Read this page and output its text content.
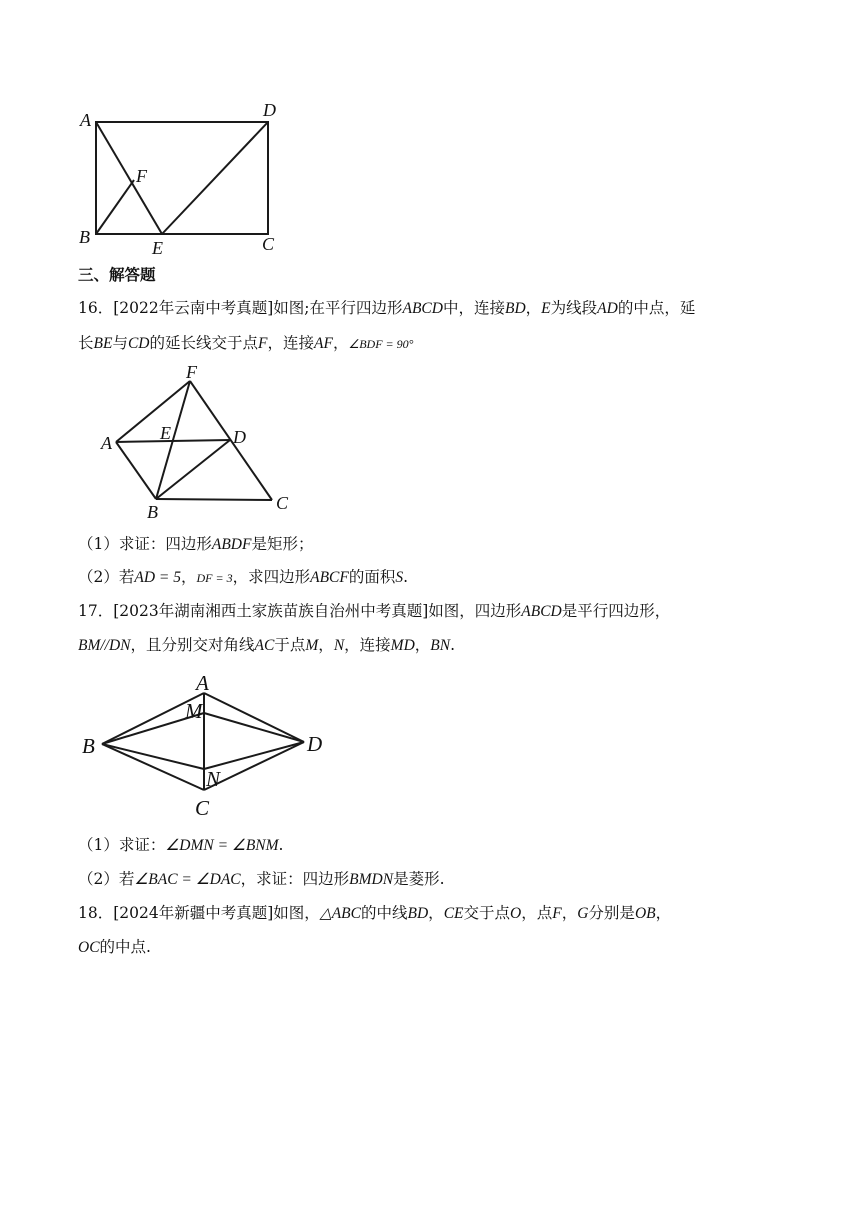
A	D
F
B
E	C
三、解答题
16．[2022年云南中考真题]如图;在平行四边形ABCD中，连接BD，E为线段AD的中点，延
长BE与CD的延长线交于点F，连接AF，∠BDF = 90°
F
A	E	D
B	C
（1）求证：四边形ABDF是矩形；
（2）若AD = 5，DF = 3，求四边形ABCF的面积S.
17．[2023年湖南湘西土家族苗族自治州中考真题]如图，四边形ABCD是平行四边形，
BM//DN，且分别交对角线AC于点M，N，连接MD，BN.
A
M
B	D
N
C
（1）求证：∠DMN = ∠BNM.
（2）若∠BAC = ∠DAC，求证：四边形BMDN是菱形.
18．[2024年新疆中考真题]如图，△ABC的中线BD，CE交于点O，点F，G分别是OB，
OC的中点.
